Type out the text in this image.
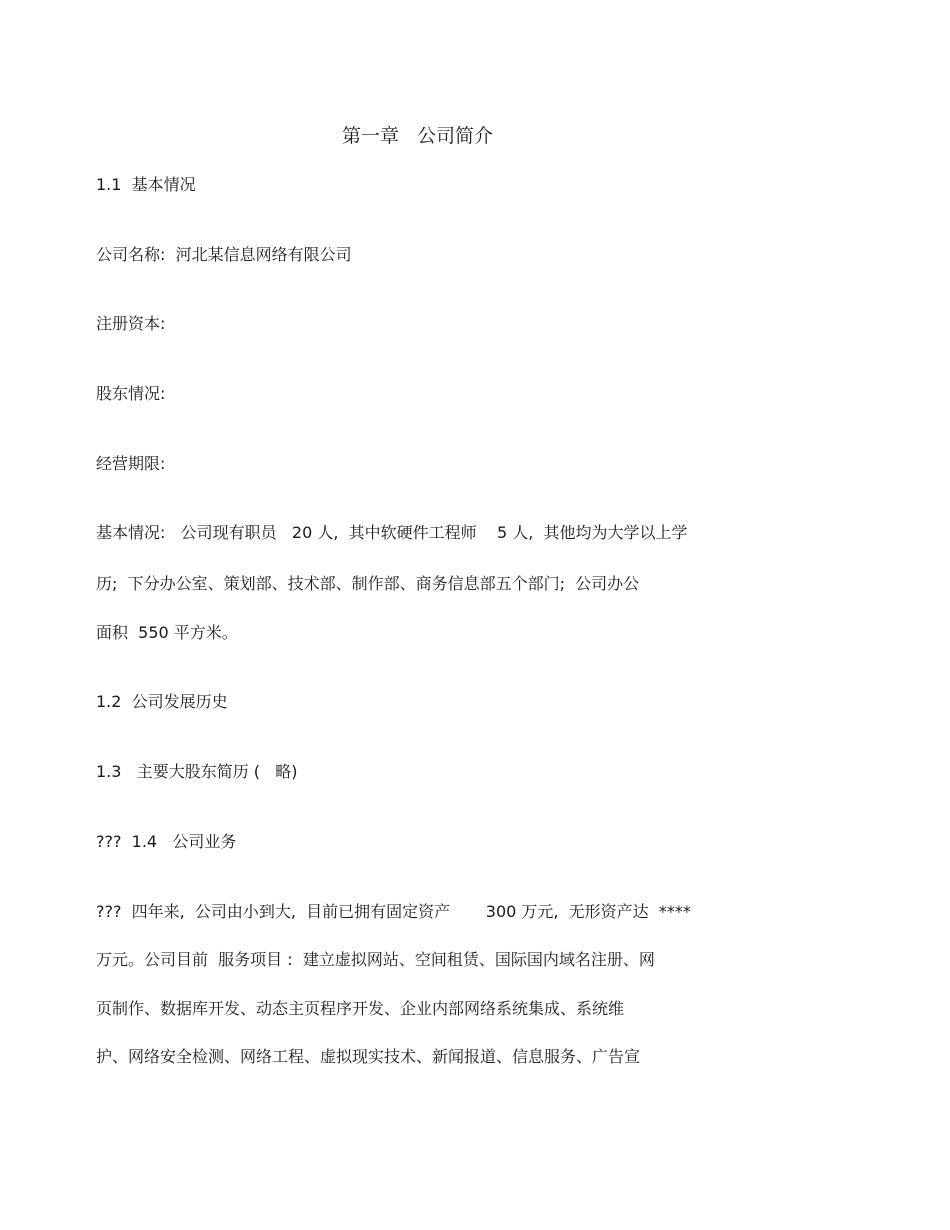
第一章   公司简介
1.1  基本情况
公司名称:  河北某信息网络有限公司
注册资本:
股东情况:
经营期限:
基本情况:   公司现有职员   20 人,  其中软硬件工程师    5 人,  其他均为大学以上学
历;  下分办公室、策划部、技术部、制作部、商务信息部五个部门;  公司办公
面积  550 平方米。
1.2  公司发展历史
1.3   主要大股东简历 (   略)
???  1.4   公司业务
???  四年来,  公司由小到大,  目前已拥有固定资产       300 万元,  无形资产达  ****
万元。公司目前  服务项目 :  建立虚拟网站、空间租赁、国际国内域名注册、网
页制作、数据库开发、动态主页程序开发、企业内部网络系统集成、系统维
护、网络安全检测、网络工程、虚拟现实技术、新闻报道、信息服务、广告宣
